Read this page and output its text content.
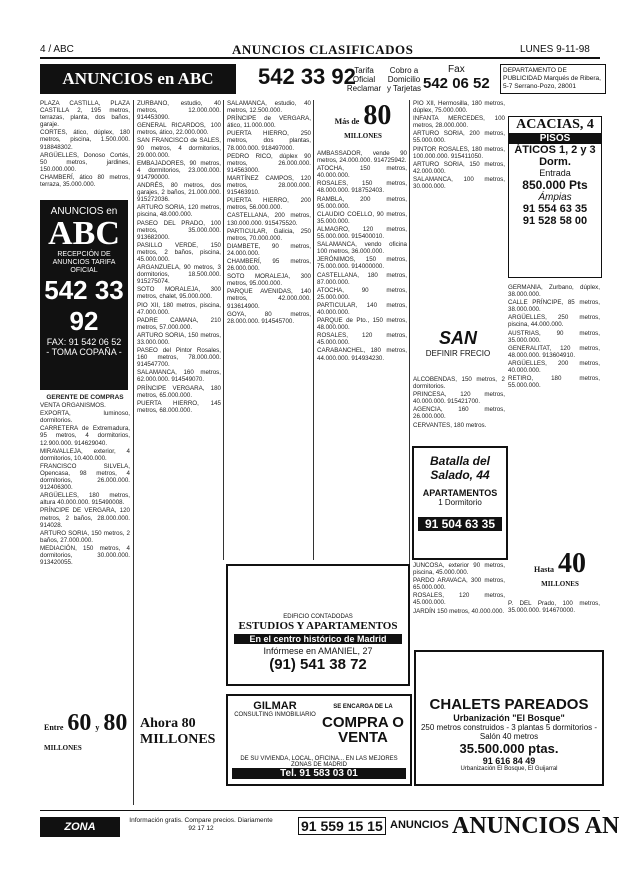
4 / ABC	ANUNCIOS CLASIFICADOS	LUNES 9-11-98
ANUNCIOS en ABC	542 33 92
Tarifa Oficial Reclamar
Cobro a Domicilio y Tarjetas
Fax
542 06 52
DEPARTAMENTO DE PUBLICIDAD Marqués de Ribera, 5-7 Serrano-Pozo, 28001

PLAZA CASTILLA, PLAZA CASTILLA 2, 195 metros, terrazas, planta, dos baños, garaje.

CORTES, ático, dúplex, 180 metros, piscina, 1.500.000. 918848302.

ARGÜELLES, Donoso Cortés, 50 metros, jardines, 150.000.000.

CHAMBERÍ, ático 80 metros, terraza, 35.000.000.

ANUNCIOS en
ABC
RECEPCIÓN DE ANUNCIOS TARIFA OFICIAL
542 33 92
FAX: 91 542 06 52
- TOMA COPAÑA -

GERENTE DE COMPRAS

VENTA ORGANISMOS.

EXPORTA, luminoso, dormitorios.

CARRETERA de Extremadura, 95 metros, 4 dormitorios, 12.900.000. 914629040.

MIRAVALLEJA, exterior, 4 dormitorios, 10.400.000.

FRANCISCO SILVELA, Opencasa, 98 metros, 4 dormitorios, 26.000.000. 912406300.

ARGÜELLES, 180 metros, altura 40.000.000. 915490008.

PRÍNCIPE DE VERGARA, 120 metros, 2 baños, 28.000.000. 914028.

ARTURO SORIA, 150 metros, 2 baños, 27.000.000.

MEDIACIÓN, 150 metros, 4 dormitorios, 30.000.000. 913420055.

Entre 60 y 80 MILLONES

ZURBANO, estudio, 40 metros, 12.000.000. 914453090.

GENERAL RICARDOS, 100 metros, ático, 22.000.000.

SAN FRANCISCO de SALES, 90 metros, 4 dormitorios, 29.000.000.

EMBAJADORES, 90 metros, 4 dormitorios, 23.000.000. 914790000.

ANDRÉS, 80 metros, dos garajes, 2 baños, 21.000.000. 915272036.

ARTURO SORIA, 120 metros, piscina, 48.000.000.

PASEO DEL PRADO, 100 metros, 35.000.000. 913682000.

PASILLO VERDE, 150 metros, 2 baños, piscina, 45.000.000.

ARGANZUELA, 90 metros, 3 dormitorios, 18.500.000. 915275074.

SOTO MORALEJA, 300 metros, chalet, 95.000.000.

PIO XII, 180 metros, piscina, 47.000.000.

PADRE CAMANA, 210 metros, 57.000.000.

ARTURO SORIA, 150 metros, 33.000.000.

PASEO del Pintor Rosales, 160 metros, 78.000.000. 914547700.

SALAMANCA, 160 metros, 62.000.000. 914549070.

PRÍNCIPE VERGARA, 180 metros, 65.000.000.

PUERTA HIERRO, 145 metros, 68.000.000.

Ahora 80 MILLONES

SALAMANCA, estudio, 40 metros, 12.500.000.

PRÍNCIPE de VERGARA, ático, 11.000.000.

PUERTA HIERRO, 250 metros, dos plantas, 78.000.000. 918497000.

PEDRO RICO, dúplex 90 metros, 26.000.000. 914563000.

MARTÍNEZ CAMPOS, 120 metros, 28.000.000. 915463910.

PUERTA HIERRO, 200 metros, 56.000.000.

CASTELLANA, 200 metros, 130.000.000. 915475520.

PARTICULAR, Galicia, 250 metros, 70.000.000.

DIAMBETE, 90 metros, 24.000.000.

CHAMBERÍ, 95 metros, 26.000.000.

SOTO MORALEJA, 300 metros, 95.000.000.

PARQUE AVENIDAS, 140 metros, 42.000.000. 913614900.

GOYA, 80 metros, 28.000.000. 914545700.

Más de 80
MILLONES

AMBASSADOR, vende 90 metros, 24.000.000. 914725942.

ATOCHA, 150 metros, 40.000.000.

ROSALES, 150 metros, 48.000.000. 918752403.

RAMBLA, 200 metros, 95.000.000.

CLAUDIO COELLO, 90 metros, 35.000.000.

ALMAGRO, 120 metros, 55.000.000. 915400010.

SALAMANCA, vendo oficina 100 metros, 36.000.000.

JERÓNIMOS, 150 metros, 75.000.000. 914000000.

CASTELLANA, 180 metros, 87.000.000.

ATOCHA, 90 metros, 25.000.000.

PARTICULAR, 140 metros, 40.000.000.

PARQUE de Pto., 150 metros, 48.000.000.

ROSALES, 120 metros, 45.000.000.

CARABANCHEL, 180 metros, 44.000.000. 914934230.

PIO XII, Hermosilla, 180 metros, dúplex, 75.000.000.

INFANTA MERCEDES, 100 metros, 28.000.000.

ARTURO SORIA, 200 metros, 55.000.000.

PINTOR ROSALES, 180 metros, 100.000.000. 915411050.

ARTURO SORIA, 150 metros, 42.000.000.

SALAMANCA, 100 metros, 30.000.000.

SAN
DEFINIR FRECIO

ALCOBENDAS, 150 metros, 2 dormitorios.

PRINCESA, 120 metros, 40.000.000. 915421700.

AGENCIA, 160 metros, 26.000.000.

CERVANTES, 180 metros.

Batalla del Salado, 44
APARTAMENTOS
1 Dormitorio
91 504 63 35

JUNCOSA, exterior 90 metros, piscina, 45.000.000.

PARDO ARAVACA, 300 metros, 65.000.000.

ROSALES, 120 metros, 45.000.000.

JARDÍN 150 metros, 40.000.000.

ACACIAS, 4
PISOS
ÁTICOS 1, 2 y 3 Dorm.
Entrada
850.000 Pts
Ámpias
91 554 63 35
91 528 58 00

GERMANÍA, Zurbano, dúplex, 38.000.000.

CALLE PRÍNCIPE, 85 metros, 38.000.000.

ARGÜELLES, 250 metros, piscina, 44.000.000.

AUSTRIAS, 90 metros, 35.000.000.

GENERALITAT, 120 metros, 48.000.000. 913604910.

ARGÜELLES, 200 metros, 40.000.000.

RETIRO, 180 metros, 55.000.000.

Hasta 40
MILLONES

P. DEL Prado, 100 metros, 35.000.000. 914670000.

EDIFICIO CONTADODAS
ESTUDIOS Y APARTAMENTOS
En el centro histórico de Madrid
Infórmese en AMANIEL, 27
(91) 541 38 72
GILMAR
CONSULTING INMOBILIARIO
SE ENCARGA DE LA
COMPRA O VENTA
DE SU VIVIENDA, LOCAL, OFICINA... EN LAS MEJORES ZONAS DE MADRID
Tel. 91 583 03 01
CHALETS PAREADOS
Urbanización "El Bosque"
250 metros construidos - 3 plantas 5 dormitorios - Salón 40 metros
35.500.000 ptas.
91 616 84 49
Urbanización El Bosque, El Guijarral
ZONA
Información gratis. Compare precios. Diariamente 92 17 12	91 559 15 15 ANUNCIOS ANUNCIOS AN
